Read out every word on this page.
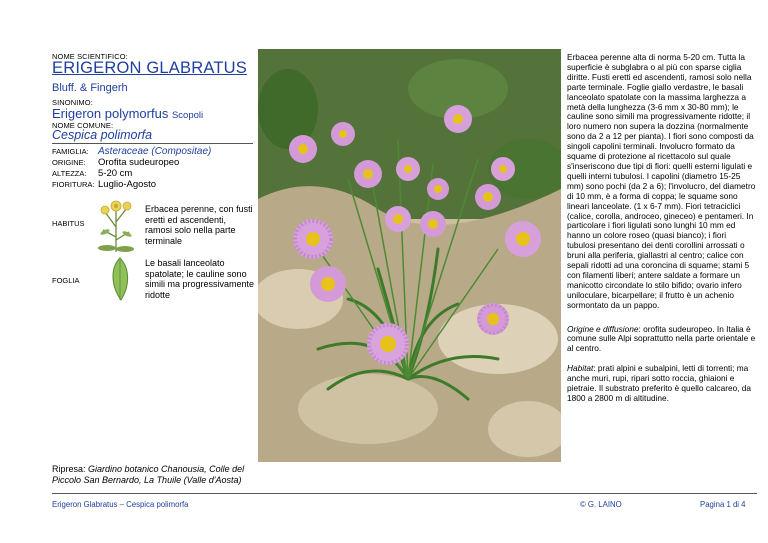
NOME SCIENTIFICO:
ERIGERON GLABRATUS
Bluff. & Fingerh
SINONIMO:
Erigeron polymorfus Scopoli
NOME COMUNE:
Cespica polimorfa
FAMIGLIA: Asteraceae (Compositae)
ORIGINE:	Orofita sudeuropeo
ALTEZZA:	5-20 cm
FIORITURA: Luglio-Agosto
HABITUS
Erbacea perenne, con fusti eretti ed ascendenti, ramosi solo nella parte terminale
FOGLIA
Le basali lanceolato spatolate; le cauline sono simili ma progressivamente ridotte

Erbacea perenne alta di norma 5-20 cm. Tutta la superficie è subglabra o al più con sparse ciglia diritte. Fusti eretti ed ascendenti, ramosi solo nella parte terminale. Foglie giallo verdastre, le basali lanceolato spatolate con la massima larghezza a metà della lunghezza (3-6 mm x 30-80 mm); le cauline sono simili ma progressivamente ridotte; il loro numero non supera la dozzina (normalmente sono da 2 a 12 per pianta). I fiori sono composti da singoli capolini terminali. Involucro formato da squame di protezione al ricettacolo sul quale s'inseriscono due tipi di fiori: quelli esterni ligulati e quelli interni tubulosi. I capolini (diametro 15-25 mm) sono pochi (da 2 a 6); l'involucro, del diametro di 10 mm, è a forma di coppa; le squame sono lineari lanceolate. (1 x 6-7 mm). Fiori tetraciclici (calice, corolla, androceo, gineceo) e pentameri. In particolare i fiori ligulati sono lunghi 10 mm ed hanno un colore roseo (quasi bianco); i fiori tubulosi presentano dei denti corollini arrossati o bruni alla periferia, giallastri al centro; calice con sepali ridotti ad una coroncina di squame; stami 5 con filamenti liberi; antere saldate a formare un manicotto circondate lo stilo bifido; ovario infero uniloculare, bicarpellare; il frutto è un achenio sormontato da un pappo.

Origine e diffusione: orofita sudeuropeo. In Italia è comune sulle Alpi soprattutto nella parte orientale e al centro.

Habitat: prati alpini e subalpini, letti di torrenti; ma anche muri, rupi, ripari sotto roccia, ghiaioni e pietraie. Il substrato preferito è quello calcareo, da 1800 a 2800 m di altitudine.

Ripresa: Giardino botanico Chanousia, Colle del Piccolo San Bernardo, La Thuile (Valle d'Aosta)
Erigeron Glabratus – Cespica polimorfa	© G. LAINO	Pagina 1 di 4
